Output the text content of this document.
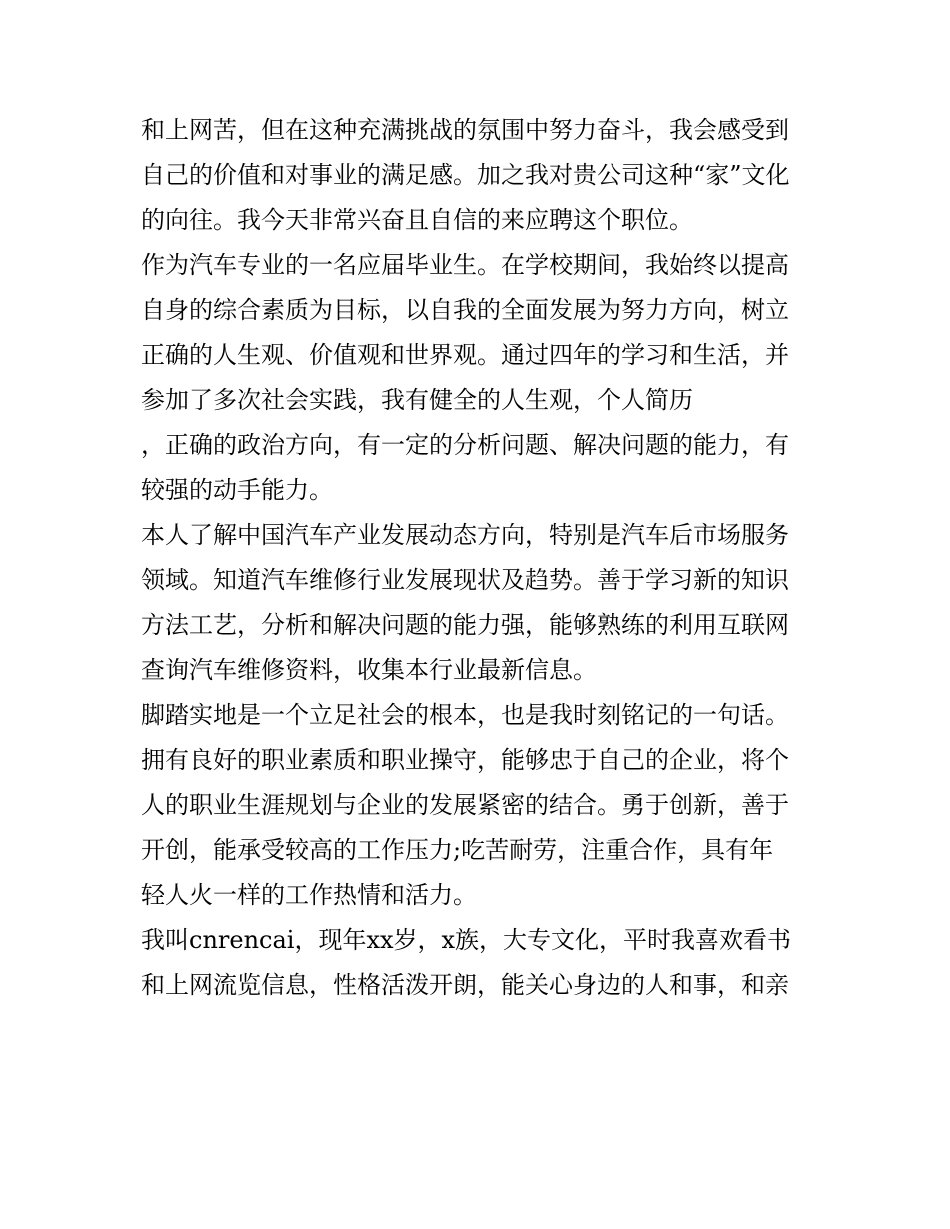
和上网苦，但在这种充满挑战的氛围中努力奋斗，我会感受到
自己的价值和对事业的满足感。加之我对贵公司这种“家”文化
的向往。我今天非常兴奋且自信的来应聘这个职位。
作为汽车专业的一名应届毕业生。在学校期间，我始终以提高
自身的综合素质为目标，以自我的全面发展为努力方向，树立
正确的人生观、价值观和世界观。通过四年的学习和生活，并
参加了多次社会实践，我有健全的人生观，个人简历
，正确的政治方向，有一定的分析问题、解决问题的能力，有
较强的动手能力。
本人了解中国汽车产业发展动态方向，特别是汽车后市场服务
领域。知道汽车维修行业发展现状及趋势。善于学习新的知识
方法工艺，分析和解决问题的能力强，能够熟练的利用互联网
查询汽车维修资料，收集本行业最新信息。
脚踏实地是一个立足社会的根本，也是我时刻铭记的一句话。
拥有良好的职业素质和职业操守，能够忠于自己的企业，将个
人的职业生涯规划与企业的发展紧密的结合。勇于创新，善于
开创，能承受较高的工作压力;吃苦耐劳，注重合作，具有年
轻人火一样的工作热情和活力。
我叫cnrencai，现年xx岁，x族，大专文化，平时我喜欢看书
和上网流览信息，性格活泼开朗，能关心身边的人和事，和亲
